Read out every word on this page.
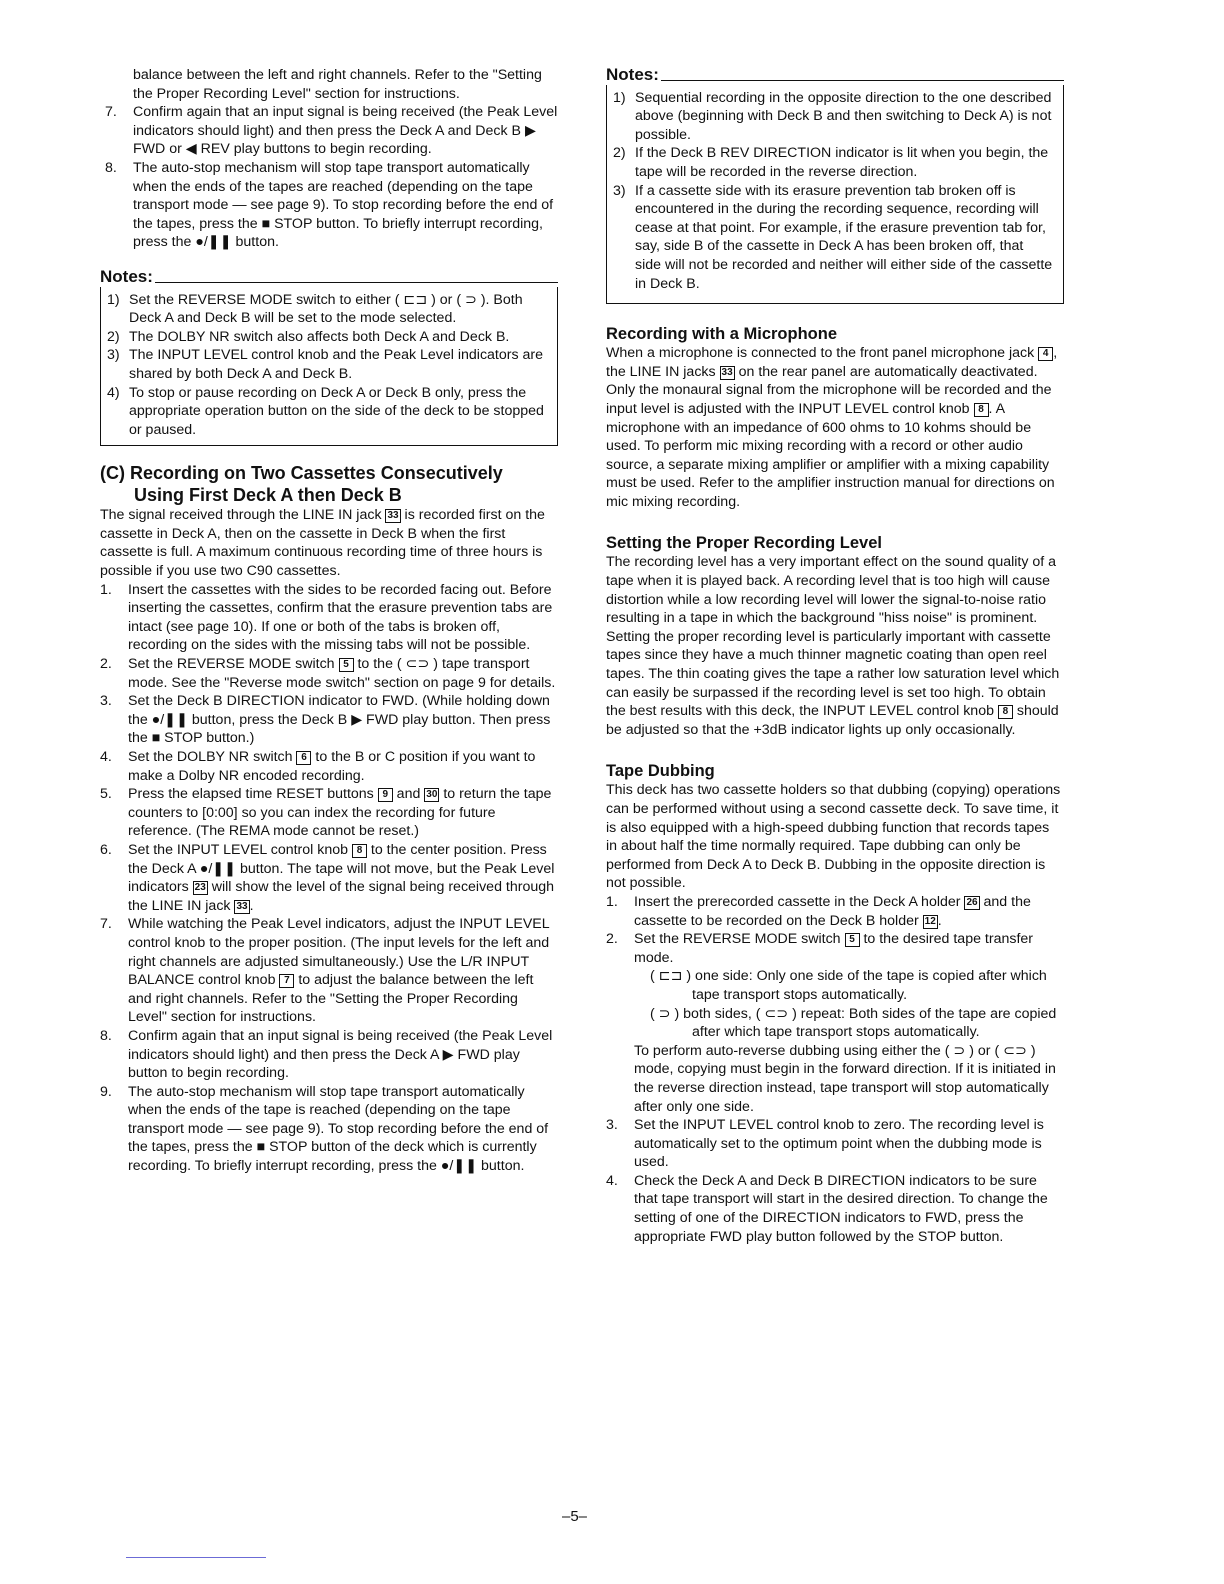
balance between the left and right channels. Refer to the "Setting the Proper Recording Level" section for instructions.

7. Confirm again that an input signal is being received (the Peak Level indicators should light) and then press the Deck A and Deck B ▶ FWD or ◀ REV play buttons to begin recording.
8. The auto-stop mechanism will stop tape transport automatically when the ends of the tapes are reached (depending on the tape transport mode — see page 9). To stop recording before the end of the tapes, press the ■ STOP button. To briefly interrupt recording, press the ●/❚❚ button.
Notes:
1) Set the REVERSE MODE switch to either ( ⊏⊐ ) or ( ⊃ ). Both Deck A and Deck B will be set to the mode selected.
2) The DOLBY NR switch also affects both Deck A and Deck B.
3) The INPUT LEVEL control knob and the Peak Level indicators are shared by both Deck A and Deck B.
4) To stop or pause recording on Deck A or Deck B only, press the appropriate operation button on the side of the deck to be stopped or paused.
(C) Recording on Two Cassettes Consecutively
Using First Deck A then Deck B

The signal received through the LINE IN jack 33 is recorded first on the cassette in Deck A, then on the cassette in Deck B when the first cassette is full. A maximum continuous recording time of three hours is possible if you use two C90 cassettes.

1. Insert the cassettes with the sides to be recorded facing out. Before inserting the cassettes, confirm that the erasure prevention tabs are intact (see page 10). If one or both of the tabs is broken off, recording on the sides with the missing tabs will not be possible.
2. Set the REVERSE MODE switch 5 to the ( ⊂⊃ ) tape transport mode. See the "Reverse mode switch" section on page 9 for details.
3. Set the Deck B DIRECTION indicator to FWD. (While holding down the ●/❚❚ button, press the Deck B ▶ FWD play button. Then press the ■ STOP button.)
4. Set the DOLBY NR switch 6 to the B or C position if you want to make a Dolby NR encoded recording.
5. Press the elapsed time RESET buttons 9 and 30 to return the tape counters to [0:00] so you can index the recording for future reference. (The REMA mode cannot be reset.)
6. Set the INPUT LEVEL control knob 8 to the center position. Press the Deck A ●/❚❚ button. The tape will not move, but the Peak Level indicators 23 will show the level of the signal being received through the LINE IN jack 33 .
7. While watching the Peak Level indicators, adjust the INPUT LEVEL control knob to the proper position. (The input levels for the left and right channels are adjusted simultaneously.) Use the L/R INPUT BALANCE control knob 7 to adjust the balance between the left and right channels. Refer to the "Setting the Proper Recording Level" section for instructions.
8. Confirm again that an input signal is being received (the Peak Level indicators should light) and then press the Deck A ▶ FWD play button to begin recording.
9. The auto-stop mechanism will stop tape transport automatically when the ends of the tape is reached (depending on the tape transport mode — see page 9). To stop recording before the end of the tapes, press the ■ STOP button of the deck which is currently recording. To briefly interrupt recording, press the ●/❚❚ button.
Notes:
1) Sequential recording in the opposite direction to the one described above (beginning with Deck B and then switching to Deck A) is not possible.
2) If the Deck B REV DIRECTION indicator is lit when you begin, the tape will be recorded in the reverse direction.
3) If a cassette side with its erasure prevention tab broken off is encountered in the during the recording sequence, recording will cease at that point. For example, if the erasure prevention tab for, say, side B of the cassette in Deck A has been broken off, that side will not be recorded and neither will either side of the cassette in Deck B.
Recording with a Microphone

When a microphone is connected to the front panel microphone jack 4 , the LINE IN jacks 33 on the rear panel are automatically deactivated. Only the monaural signal from the microphone will be recorded and the input level is adjusted with the INPUT LEVEL control knob 8 . A microphone with an impedance of 600 ohms to 10 kohms should be used. To perform mic mixing recording with a record or other audio source, a separate mixing amplifier or amplifier with a mixing capability must be used. Refer to the amplifier instruction manual for directions on mic mixing recording.

Setting the Proper Recording Level

The recording level has a very important effect on the sound quality of a tape when it is played back. A recording level that is too high will cause distortion while a low recording level will lower the signal-to-noise ratio resulting in a tape in which the background "hiss noise" is prominent. Setting the proper recording level is particularly important with cassette tapes since they have a much thinner magnetic coating than open reel tapes. The thin coating gives the tape a rather low saturation level which can easily be surpassed if the recording level is set too high. To obtain the best results with this deck, the INPUT LEVEL control knob 8 should be adjusted so that the +3dB indicator lights up only occasionally.

Tape Dubbing

This deck has two cassette holders so that dubbing (copying) operations can be performed without using a second cassette deck. To save time, it is also equipped with a high-speed dubbing function that records tapes in about half the time normally required. Tape dubbing can only be performed from Deck A to Deck B. Dubbing in the opposite direction is not possible.

1. Insert the prerecorded cassette in the Deck A holder 26 and the cassette to be recorded on the Deck B holder 12 .
2. Set the REVERSE MODE switch 5 to the desired tape transfer mode.
( ⊏⊐ ) one side: Only one side of the tape is copied after which tape transport stops automatically.
( ⊃ ) both sides, ( ⊂⊃ ) repeat: Both sides of the tape are copied after which tape transport stops automatically.
To perform auto-reverse dubbing using either the ( ⊃ ) or ( ⊂⊃ ) mode, copying must begin in the forward direction. If it is initiated in the reverse direction instead, tape transport will stop automatically after only one side.
3. Set the INPUT LEVEL control knob to zero. The recording level is automatically set to the optimum point when the dubbing mode is used.
4. Check the Deck A and Deck B DIRECTION indicators to be sure that tape transport will start in the desired direction. To change the setting of one of the DIRECTION indicators to FWD, press the appropriate FWD play button followed by the STOP button.
–5–
